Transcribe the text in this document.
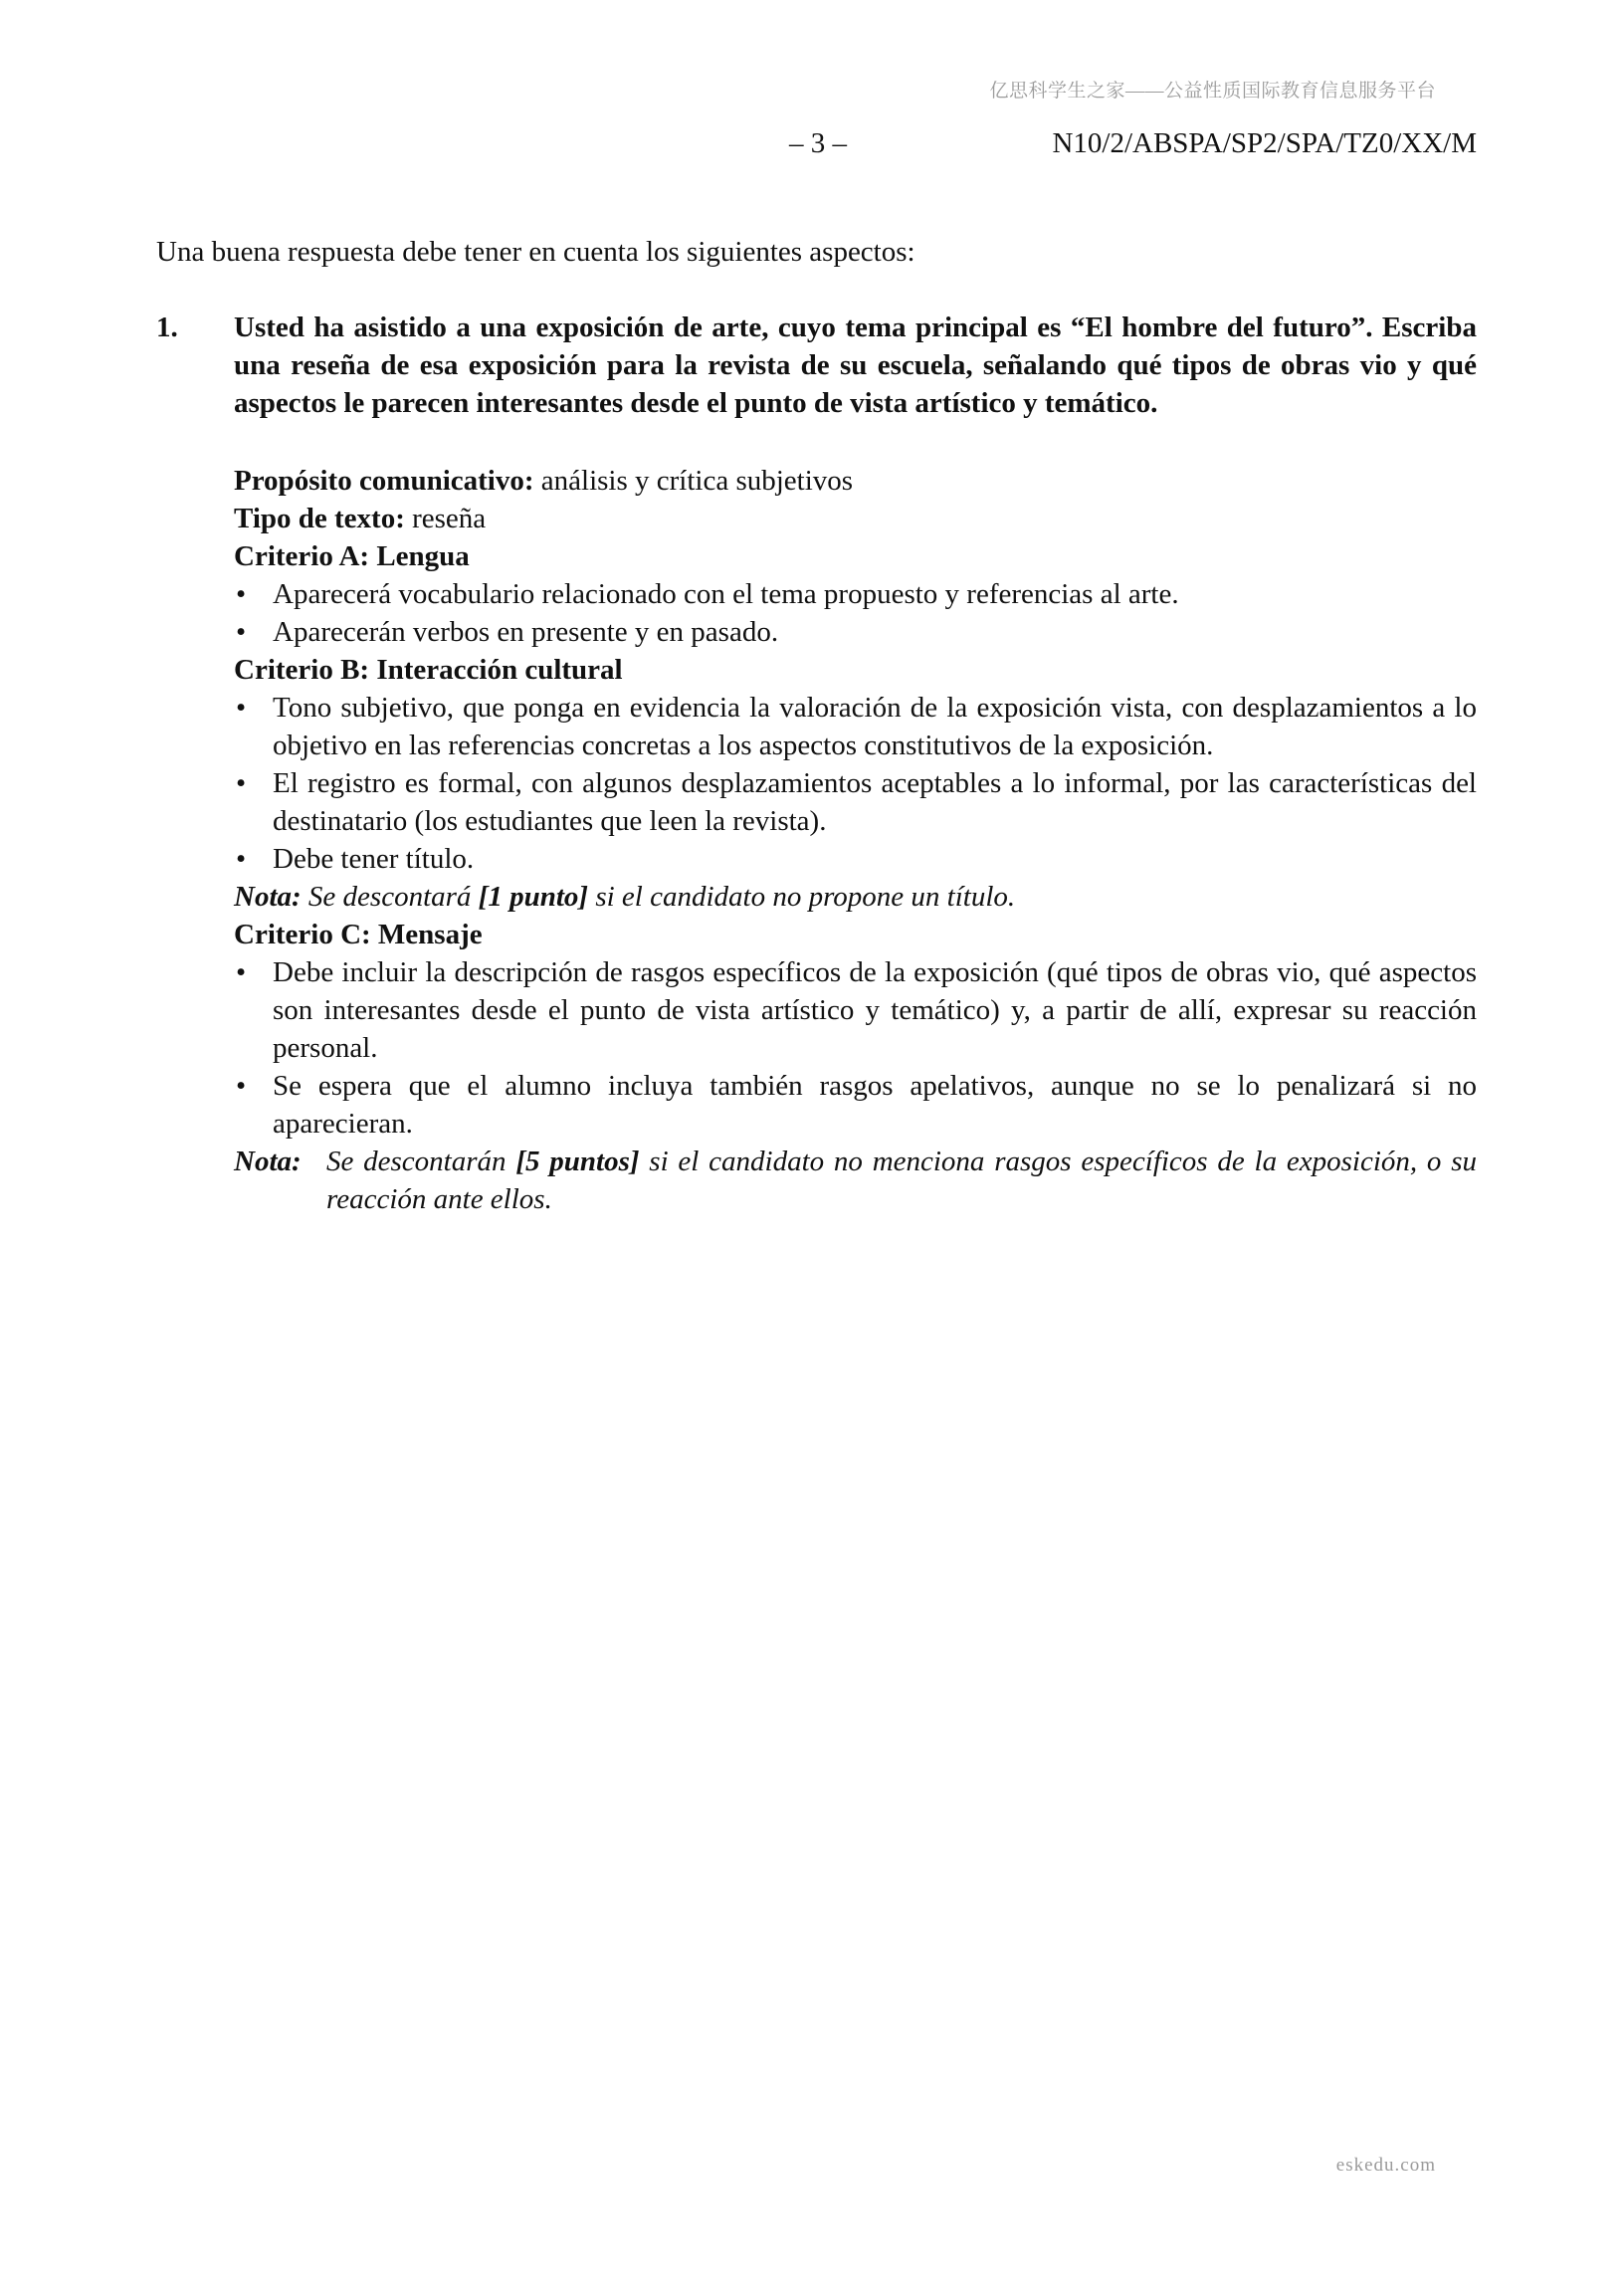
亿思科学生之家——公益性质国际教育信息服务平台
– 3 –	N10/2/ABSPA/SP2/SPA/TZ0/XX/M

Una buena respuesta debe tener en cuenta los siguientes aspectos:

1.	Usted ha asistido a una exposición de arte, cuyo tema principal es “El hombre del futuro”. Escriba una reseña de esa exposición para la revista de su escuela, señalando qué tipos de obras vio y qué aspectos le parecen interesantes desde el punto de vista artístico y temático.

Propósito comunicativo: análisis y crítica subjetivos

Tipo de texto: reseña

Criterio A: Lengua

• Aparecerá vocabulario relacionado con el tema propuesto y referencias al arte.
• Aparecerán verbos en presente y en pasado.

Criterio B: Interacción cultural

• Tono subjetivo, que ponga en evidencia la valoración de la exposición vista, con desplazamientos a lo objetivo en las referencias concretas a los aspectos constitutivos de la exposición.
• El registro es formal, con algunos desplazamientos aceptables a lo informal, por las características del destinatario (los estudiantes que leen la revista).
• Debe tener título.

Nota: Se descontará [1 punto] si el candidato no propone un título.

Criterio C: Mensaje

• Debe incluir la descripción de rasgos específicos de la exposición (qué tipos de obras vio, qué aspectos son interesantes desde el punto de vista artístico y temático) y, a partir de allí, expresar su reacción personal.
• Se espera que el alumno incluya también rasgos apelativos, aunque no se lo penalizará si no aparecieran.
Nota: Se descontarán [5 puntos] si el candidato no menciona rasgos específicos de la exposición, o su reacción ante ellos.
eskedu.com
